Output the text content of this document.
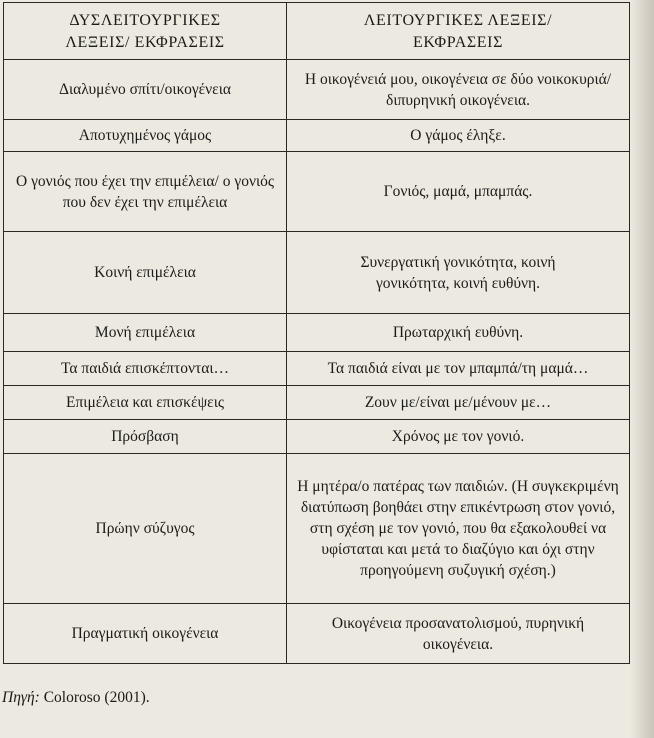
ΔΥΣΛΕΙΤΟΥΡΓΙΚΕΣ ΛΕΞΕΙΣ/ ΕΚΦΡΑΣΕΙΣ	ΛΕΙΤΟΥΡΓΙΚΕΣ ΛΕΞΕΙΣ/ ΕΚΦΡΑΣΕΙΣ
Διαλυμένο σπίτι/οικογένεια	Η οικογένειά μου, οικογένεια σε δύο νοικοκυριά/διπυρηνική οικογένεια.
Αποτυχημένος γάμος	Ο γάμος έληξε.
Ο γονιός που έχει την επιμέλεια/ ο γονιός που δεν έχει την επιμέλεια	Γονιός, μαμά, μπαμπάς.
Κοινή επιμέλεια	Συνεργατική γονικότητα, κοινή γονικότητα, κοινή ευθύνη.
Μονή επιμέλεια	Πρωταρχική ευθύνη.
Τα παιδιά επισκέπτονται…	Τα παιδιά είναι με τον μπαμπά/τη μαμά…
Επιμέλεια και επισκέψεις	Ζουν με/είναι με/μένουν με…
Πρόσβαση	Χρόνος με τον γονιό.
Πρώην σύζυγος	Η μητέρα/ο πατέρας των παιδιών. (Η συγκεκριμένη διατύπωση βοηθάει στην επικέντρωση στον γονιό, στη σχέση με τον γονιό, που θα εξακολουθεί να υφίσταται και μετά το διαζύγιο και όχι στην προηγούμενη συζυγική σχέση.)
Πραγματική οικογένεια	Οικογένεια προσανατολισμού, πυρηνική οικογένεια.
Πηγή: Coloroso (2001).
